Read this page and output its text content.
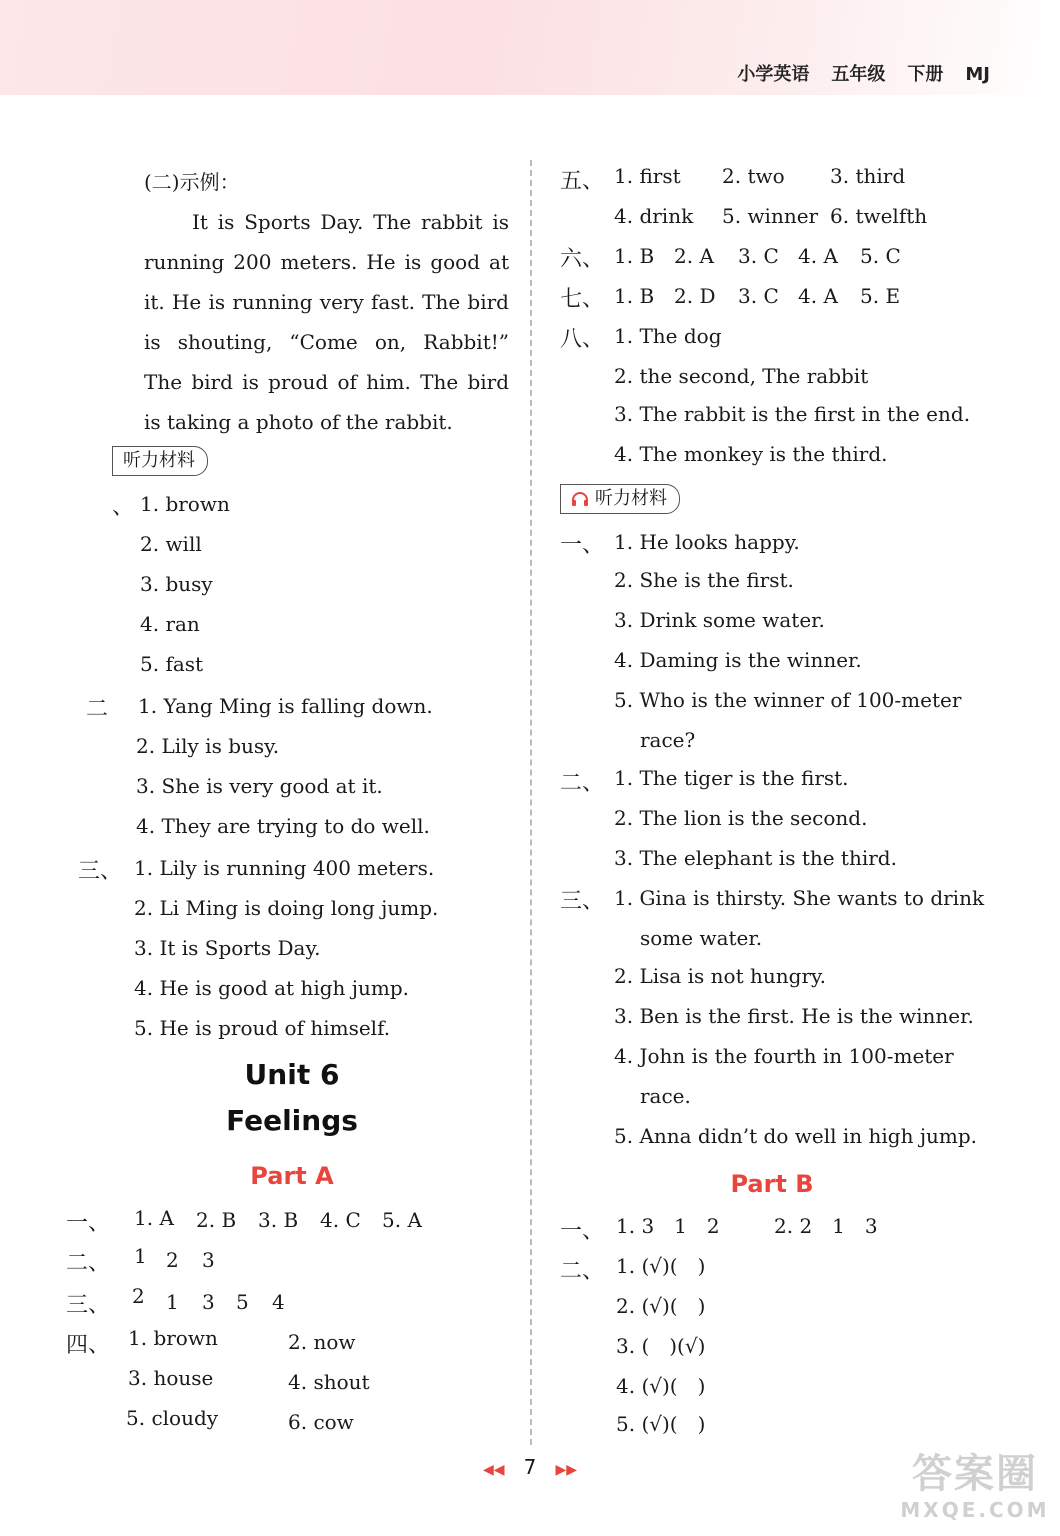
小学英语 五年级 下册 MJ
(二)示例：
It is Sports Day. The rabbit is running 200 meters. He is good at it. He is running very fast. The bird is shouting, “Come on, Rabbit!” The bird is proud of him. The bird is taking a photo of the rabbit.
听力材料
、 1. brown
2. will
3. busy
4. ran
5. fast
二 1. Yang Ming is falling down.
2. Lily is busy.
3. She is very good at it.
4. They are trying to do well.
三、 1. Lily is running 400 meters.
2. Li Ming is doing long jump.
3. It is Sports Day.
4. He is good at high jump.
5. He is proud of himself.
Unit 6
Feelings
Part A
一、 1. A 2. B 3. B 4. C 5. A
二、 1 2 3
三、 2 1 3 5 4
四、 1. brown	2. now
3. house	4. shout
5. cloudy	6. cow
五、 1. first 2. two 3. third
4. drink 5. winner 6. twelfth
六、 1. B 2. A 3. C 4. A 5. C
七、 1. B 2. D 3. C 4. A 5. E
八、 1. The dog
2. the second, The rabbit
3. The rabbit is the first in the end.
4. The monkey is the third.
听力材料
一、 1. He looks happy.
2. She is the first.
3. Drink some water.
4. Daming is the winner.
5. Who is the winner of 100-meter
race?
二、 1. The tiger is the first.
2. The lion is the second.
3. The elephant is the third.
三、 1. Gina is thirsty. She wants to drink
some water.
2. Lisa is not hungry.
3. Ben is the first. He is the winner.
4. John is the fourth in 100-meter
race.
5. Anna didn’t do well in high jump.
Part B
一、 1. 3　1　2	2. 2　1　3
二、 1. (√)(　)
2. (√)(　)
3. (　)(√)
4. (√)(　)
5. (√)(　)
◀◀ 7 ▶▶	答案圈
MXQE.COM
